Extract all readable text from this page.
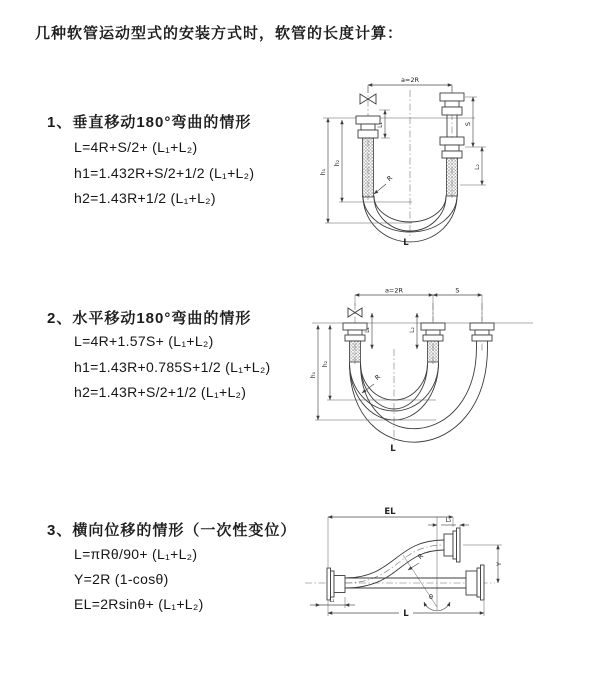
几种软管运动型式的安装方式时，软管的长度计算：
1、垂直移动180°弯曲的情形
L=4R+S/2+ (L₁+L₂)
h1=1.432R+S/2+1/2 (L₁+L₂)
h2=1.43R+1/2 (L₁+L₂)
a=2R
L₁	S
L₂
h₁
h₂
R
L
2、水平移动180°弯曲的情形
L=4R+1.57S+ (L₁+L₂)
h1=1.43R+0.785S+1/2 (L₁+L₂)
h2=1.43R+S/2+1/2 (L₁+L₂)
a=2R	S
L₁	L₂
h₁
h₂
R
L
3、横向位移的情形（一次性变位）
L=πRθ/90+ (L₁+L₂)
Y=2R (1-cosθ)
EL=2Rsinθ+ (L₁+L₂)
EL
L₂
Y
R
θ
L
L₁
